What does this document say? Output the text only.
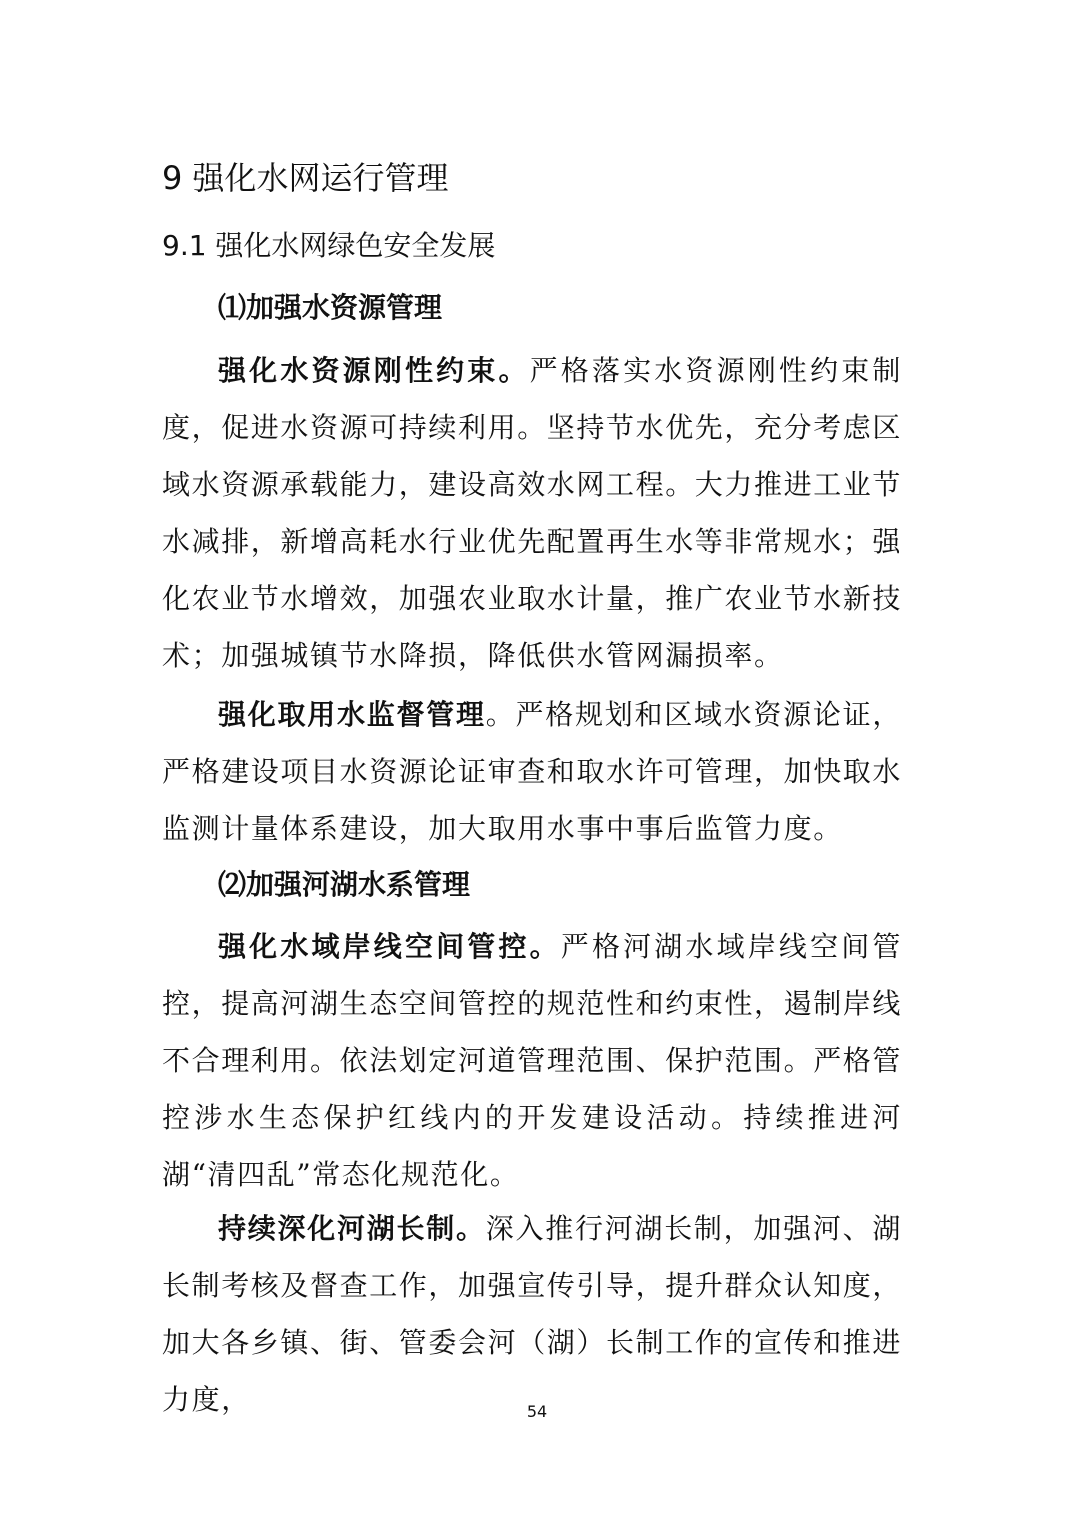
9 强化水网运行管理
9.1 强化水网绿色安全发展
⑴加强水资源管理

强化水资源刚性约束。严格落实水资源刚性约束制度，促进水资源可持续利用。坚持节水优先，充分考虑区域水资源承载能力，建设高效水网工程。大力推进工业节水减排，新增高耗水行业优先配置再生水等非常规水；强化农业节水增效，加强农业取水计量，推广农业节水新技术；加强城镇节水降损，降低供水管网漏损率。

强化取用水监督管理。严格规划和区域水资源论证，严格建设项目水资源论证审查和取水许可管理，加快取水监测计量体系建设，加大取用水事中事后监管力度。

⑵加强河湖水系管理

强化水域岸线空间管控。严格河湖水域岸线空间管控，提高河湖生态空间管控的规范性和约束性，遏制岸线不合理利用。依法划定河道管理范围、保护范围。严格管控涉水生态保护红线内的开发建设活动。持续推进河湖“清四乱”常态化规范化。

持续深化河湖长制。深入推行河湖长制，加强河、湖长制考核及督查工作，加强宣传引导，提升群众认知度，加大各乡镇、街、管委会河（湖）长制工作的宣传和推进力度，	54
